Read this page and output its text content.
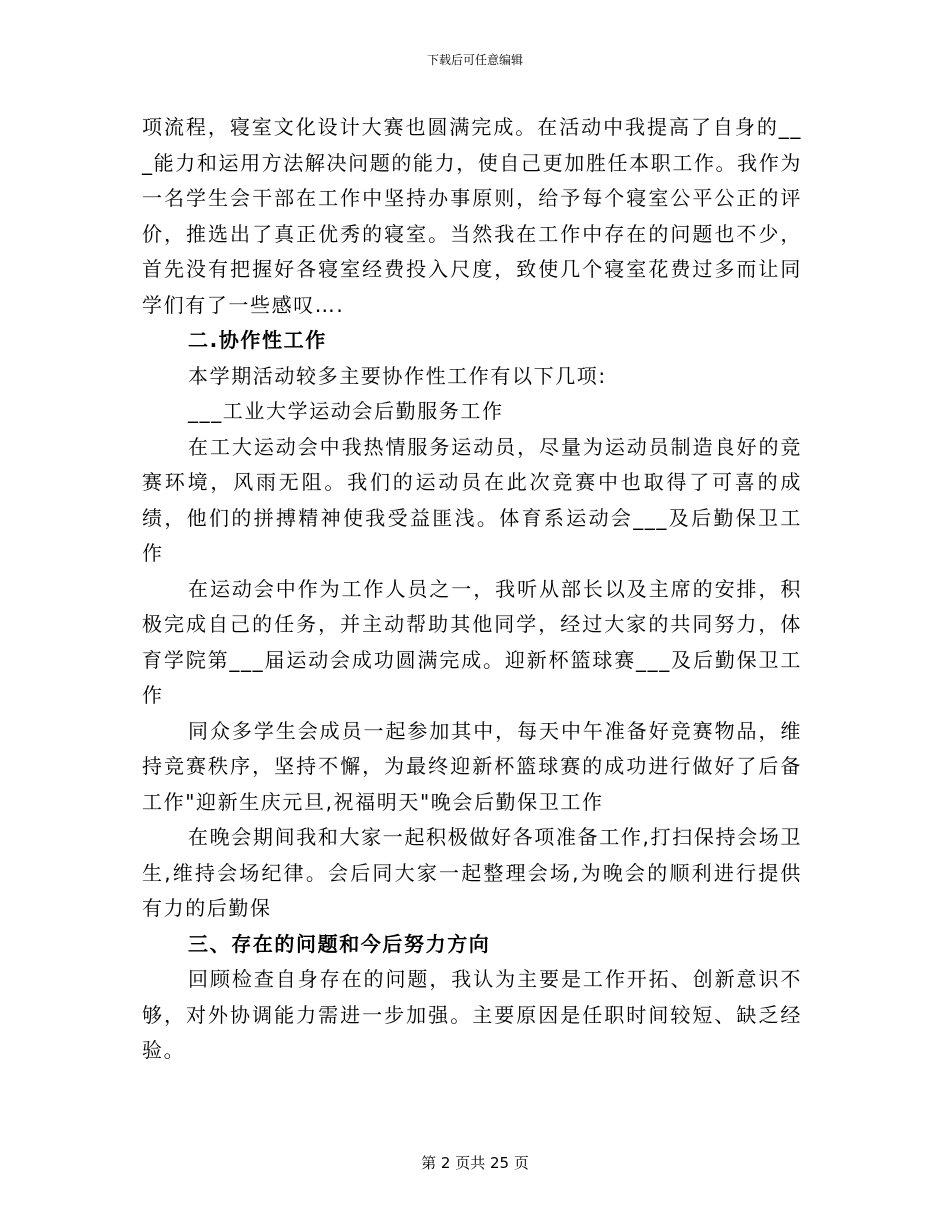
下载后可任意编辑

项流程，寝室文化设计大赛也圆满完成。在活动中我提高了自身的___能力和运用方法解决问题的能力，使自己更加胜任本职工作。我作为一名学生会干部在工作中坚持办事原则，给予每个寝室公平公正的评价，推选出了真正优秀的寝室。当然我在工作中存在的问题也不少，首先没有把握好各寝室经费投入尺度，致使几个寝室花费过多而让同学们有了一些感叹….

二.协作性工作

本学期活动较多主要协作性工作有以下几项:

___工业大学运动会后勤服务工作

在工大运动会中我热情服务运动员，尽量为运动员制造良好的竞赛环境，风雨无阻。我们的运动员在此次竞赛中也取得了可喜的成绩，他们的拼搏精神使我受益匪浅。体育系运动会___及后勤保卫工作

在运动会中作为工作人员之一，我听从部长以及主席的安排，积极完成自己的任务，并主动帮助其他同学，经过大家的共同努力，体育学院第___届运动会成功圆满完成。迎新杯篮球赛___及后勤保卫工作

同众多学生会成员一起参加其中，每天中午准备好竞赛物品，维持竞赛秩序，坚持不懈，为最终迎新杯篮球赛的成功进行做好了后备工作"迎新生庆元旦,祝福明天"晚会后勤保卫工作

在晚会期间我和大家一起积极做好各项准备工作,打扫保持会场卫生,维持会场纪律。会后同大家一起整理会场,为晚会的顺利进行提供有力的后勤保

三、存在的问题和今后努力方向

回顾检查自身存在的问题，我认为主要是工作开拓、创新意识不够，对外协调能力需进一步加强。主要原因是任职时间较短、缺乏经验。

第 2 页共 25 页
